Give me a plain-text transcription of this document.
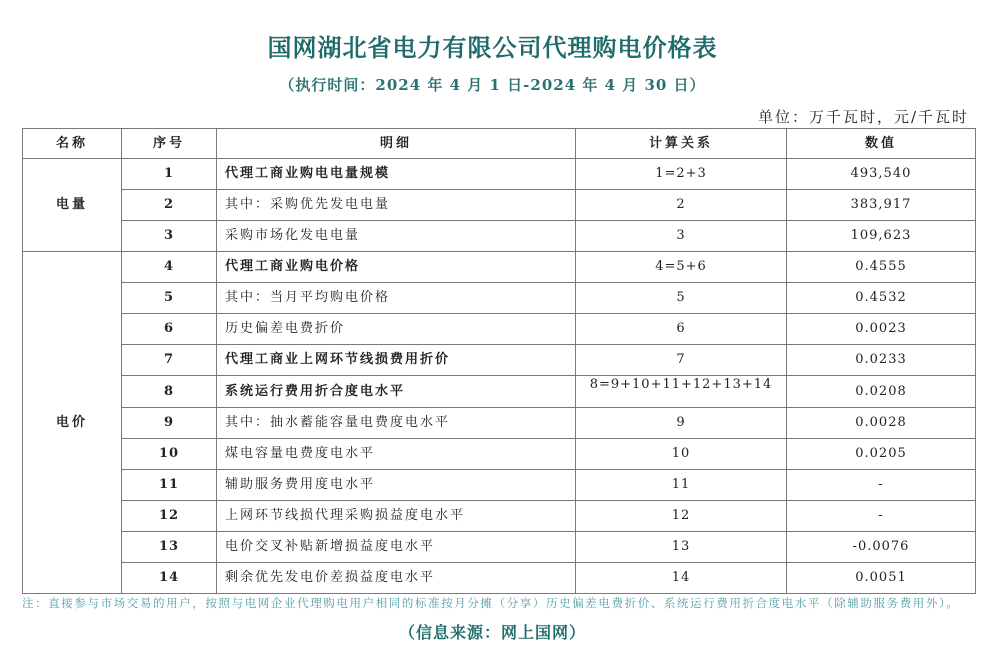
国网湖北省电力有限公司代理购电价格表
（执行时间：2024 年 4 月 1 日-2024 年 4 月 30 日）
单位：万千瓦时，元/千瓦时
名称	序号	明细	计算关系	数值
电量	1	代理工商业购电电量规模	1=2+3	493,540
	2	其中：采购优先发电电量	2	383,917
	3	采购市场化发电电量	3	109,623
电价	4	代理工商业购电价格	4=5+6	0.4555
	5	其中：当月平均购电价格	5	0.4532
	6	历史偏差电费折价	6	0.0023
	7	代理工商业上网环节线损费用折价	7	0.0233
	8	系统运行费用折合度电水平	8=9+10+11+12+13+14	0.0208
	9	其中：抽水蓄能容量电费度电水平	9	0.0028
	10	煤电容量电费度电水平	10	0.0205
	11	辅助服务费用度电水平	11	-
	12	上网环节线损代理采购损益度电水平	12	-
	13	电价交叉补贴新增损益度电水平	13	-0.0076
	14	剩余优先发电价差损益度电水平	14	0.0051
注：直接参与市场交易的用户，按照与电网企业代理购电用户相同的标准按月分摊（分享）历史偏差电费折价、系统运行费用折合度电水平（除辅助服务费用外）。
（信息来源：网上国网）
